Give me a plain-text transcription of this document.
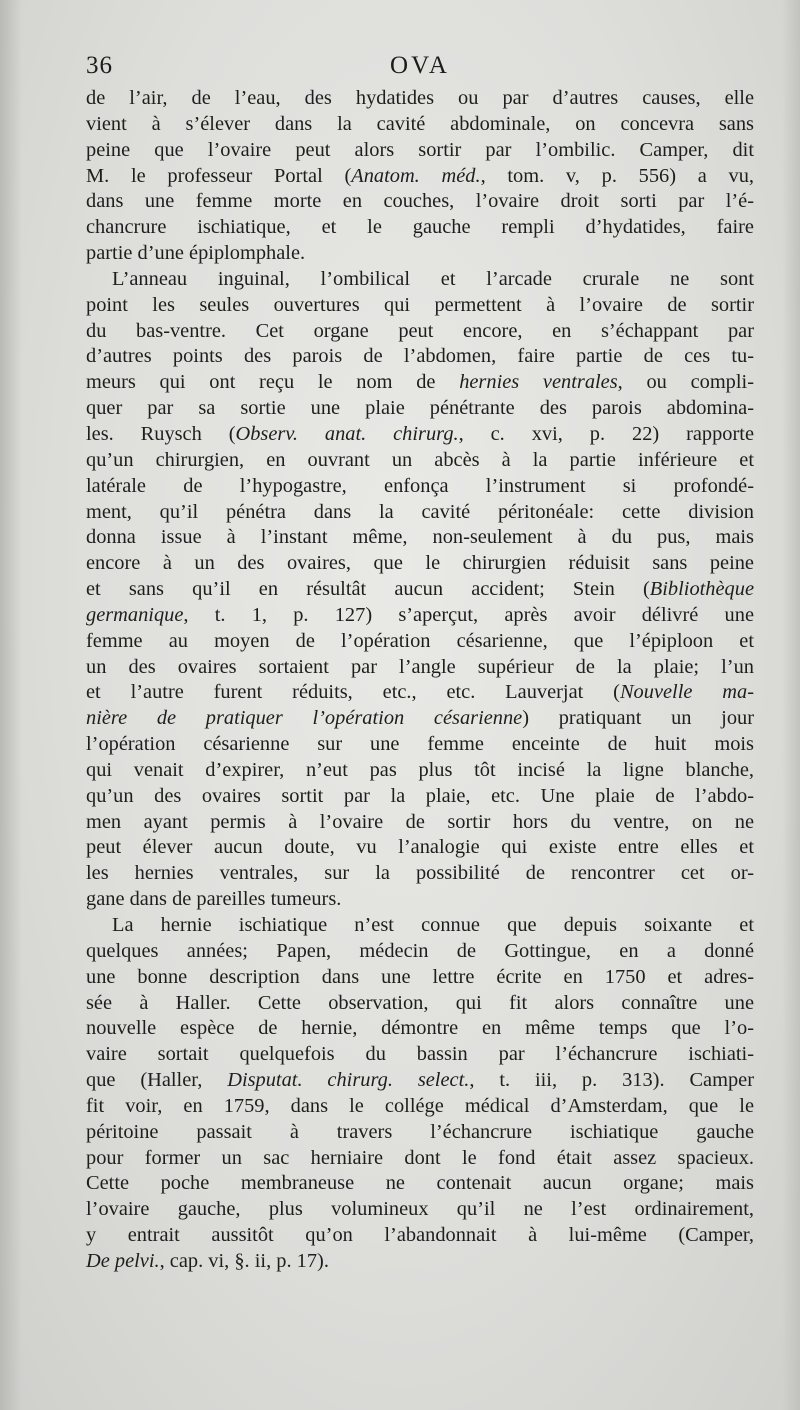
36	OVA
de l’air, de l’eau, des hydatides ou par d’autres causes, elle
vient à s’élever dans la cavité abdominale, on concevra sans
peine que l’ovaire peut alors sortir par l’ombilic. Camper, dit
M. le professeur Portal (Anatom. méd., tom. v, p. 556) a vu,
dans une femme morte en couches, l’ovaire droit sorti par l’é-
chancrure ischiatique, et le gauche rempli d’hydatides, faire
partie d’une épiplomphale.
L’anneau inguinal, l’ombilical et l’arcade crurale ne sont
point les seules ouvertures qui permettent à l’ovaire de sortir
du bas-ventre. Cet organe peut encore, en s’échappant par
d’autres points des parois de l’abdomen, faire partie de ces tu-
meurs qui ont reçu le nom de hernies ventrales, ou compli-
quer par sa sortie une plaie pénétrante des parois abdomina-
les. Ruysch (Observ. anat. chirurg., c. xvi, p. 22) rapporte
qu’un chirurgien, en ouvrant un abcès à la partie inférieure et
latérale de l’hypogastre, enfonça l’instrument si profondé-
ment, qu’il pénétra dans la cavité péritonéale: cette division
donna issue à l’instant même, non-seulement à du pus, mais
encore à un des ovaires, que le chirurgien réduisit sans peine
et sans qu’il en résultât aucun accident; Stein (Bibliothèque
germanique, t. 1, p. 127) s’aperçut, après avoir délivré une
femme au moyen de l’opération césarienne, que l’épiploon et
un des ovaires sortaient par l’angle supérieur de la plaie; l’un
et l’autre furent réduits, etc., etc. Lauverjat (Nouvelle ma-
nière de pratiquer l’opération césarienne) pratiquant un jour
l’opération césarienne sur une femme enceinte de huit mois
qui venait d’expirer, n’eut pas plus tôt incisé la ligne blanche,
qu’un des ovaires sortit par la plaie, etc. Une plaie de l’abdo-
men ayant permis à l’ovaire de sortir hors du ventre, on ne
peut élever aucun doute, vu l’analogie qui existe entre elles et
les hernies ventrales, sur la possibilité de rencontrer cet or-
gane dans de pareilles tumeurs.
La hernie ischiatique n’est connue que depuis soixante et
quelques années; Papen, médecin de Gottingue, en a donné
une bonne description dans une lettre écrite en 1750 et adres-
sée à Haller. Cette observation, qui fit alors connaître une
nouvelle espèce de hernie, démontre en même temps que l’o-
vaire sortait quelquefois du bassin par l’échancrure ischiati-
que (Haller, Disputat. chirurg. select., t. iii, p. 313). Camper
fit voir, en 1759, dans le collége médical d’Amsterdam, que le
péritoine passait à travers l’échancrure ischiatique gauche
pour former un sac herniaire dont le fond était assez spacieux.
Cette poche membraneuse ne contenait aucun organe; mais
l’ovaire gauche, plus volumineux qu’il ne l’est ordinairement,
y entrait aussitôt qu’on l’abandonnait à lui-même (Camper,
De pelvi., cap. vi, §. ii, p. 17).
